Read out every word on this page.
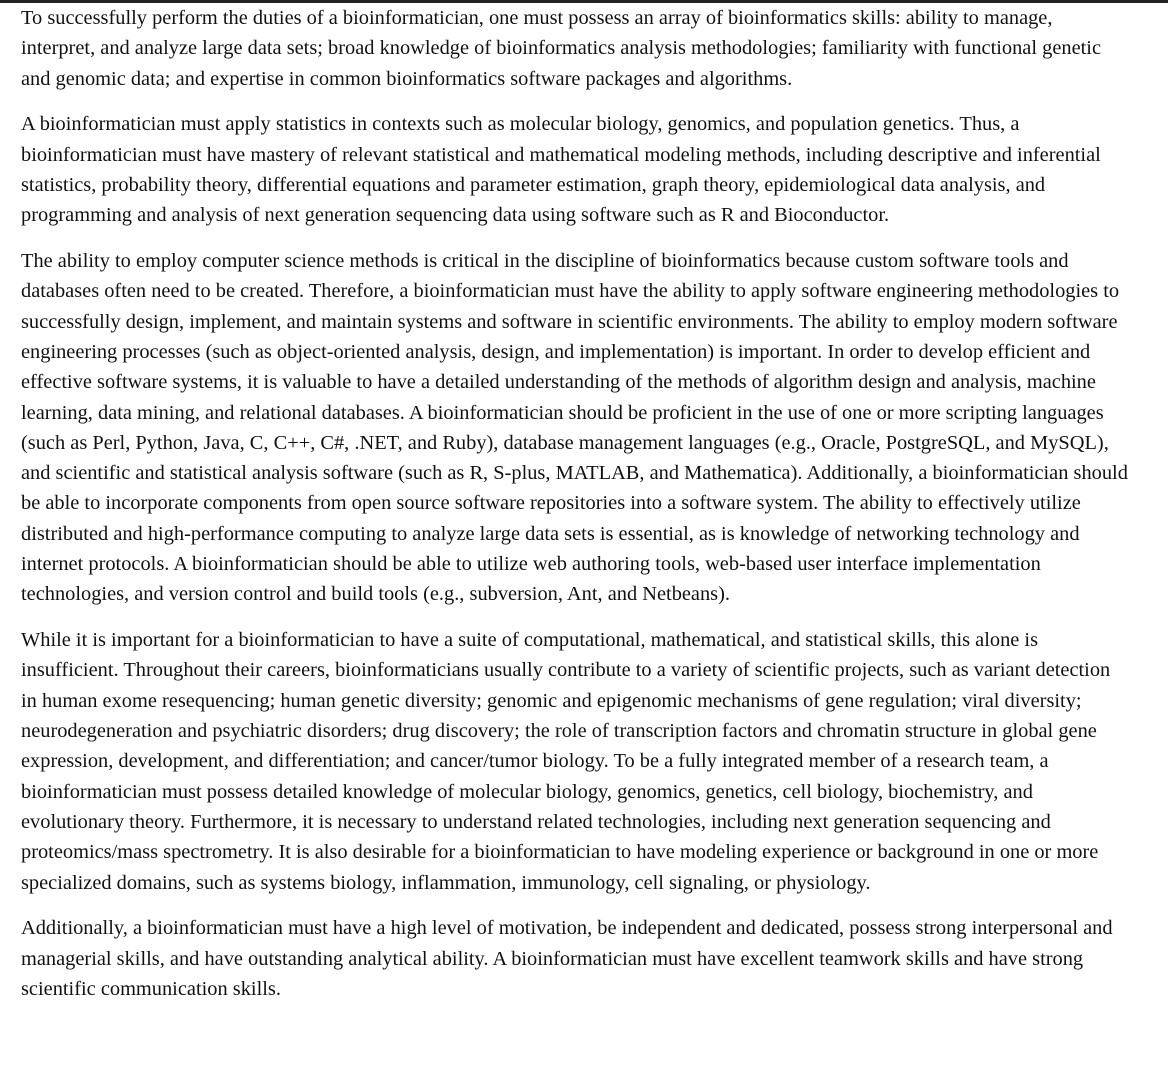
To successfully perform the duties of a bioinformatician, one must possess an array of bioinformatics skills: ability to manage, interpret, and analyze large data sets; broad knowledge of bioinformatics analysis methodologies; familiarity with functional genetic and genomic data; and expertise in common bioinformatics software packages and algorithms.

A bioinformatician must apply statistics in contexts such as molecular biology, genomics, and population genetics. Thus, a bioinformatician must have mastery of relevant statistical and mathematical modeling methods, including descriptive and inferential statistics, probability theory, differential equations and parameter estimation, graph theory, epidemiological data analysis, and programming and analysis of next generation sequencing data using software such as R and Bioconductor.

The ability to employ computer science methods is critical in the discipline of bioinformatics because custom software tools and databases often need to be created. Therefore, a bioinformatician must have the ability to apply software engineering methodologies to successfully design, implement, and maintain systems and software in scientific environments. The ability to employ modern software engineering processes (such as object-oriented analysis, design, and implementation) is important. In order to develop efficient and effective software systems, it is valuable to have a detailed understanding of the methods of algorithm design and analysis, machine learning, data mining, and relational databases. A bioinformatician should be proficient in the use of one or more scripting languages (such as Perl, Python, Java, C, C++, C#, .NET, and Ruby), database management languages (e.g., Oracle, PostgreSQL, and MySQL), and scientific and statistical analysis software (such as R, S-plus, MATLAB, and Mathematica). Additionally, a bioinformatician should be able to incorporate components from open source software repositories into a software system. The ability to effectively utilize distributed and high-performance computing to analyze large data sets is essential, as is knowledge of networking technology and internet protocols. A bioinformatician should be able to utilize web authoring tools, web-based user interface implementation technologies, and version control and build tools (e.g., subversion, Ant, and Netbeans).

While it is important for a bioinformatician to have a suite of computational, mathematical, and statistical skills, this alone is insufficient. Throughout their careers, bioinformaticians usually contribute to a variety of scientific projects, such as variant detection in human exome resequencing; human genetic diversity; genomic and epigenomic mechanisms of gene regulation; viral diversity; neurodegeneration and psychiatric disorders; drug discovery; the role of transcription factors and chromatin structure in global gene expression, development, and differentiation; and cancer/tumor biology. To be a fully integrated member of a research team, a bioinformatician must possess detailed knowledge of molecular biology, genomics, genetics, cell biology, biochemistry, and evolutionary theory. Furthermore, it is necessary to understand related technologies, including next generation sequencing and proteomics/mass spectrometry. It is also desirable for a bioinformatician to have modeling experience or background in one or more specialized domains, such as systems biology, inflammation, immunology, cell signaling, or physiology.

Additionally, a bioinformatician must have a high level of motivation, be independent and dedicated, possess strong interpersonal and managerial skills, and have outstanding analytical ability. A bioinformatician must have excellent teamwork skills and have strong scientific communication skills.
